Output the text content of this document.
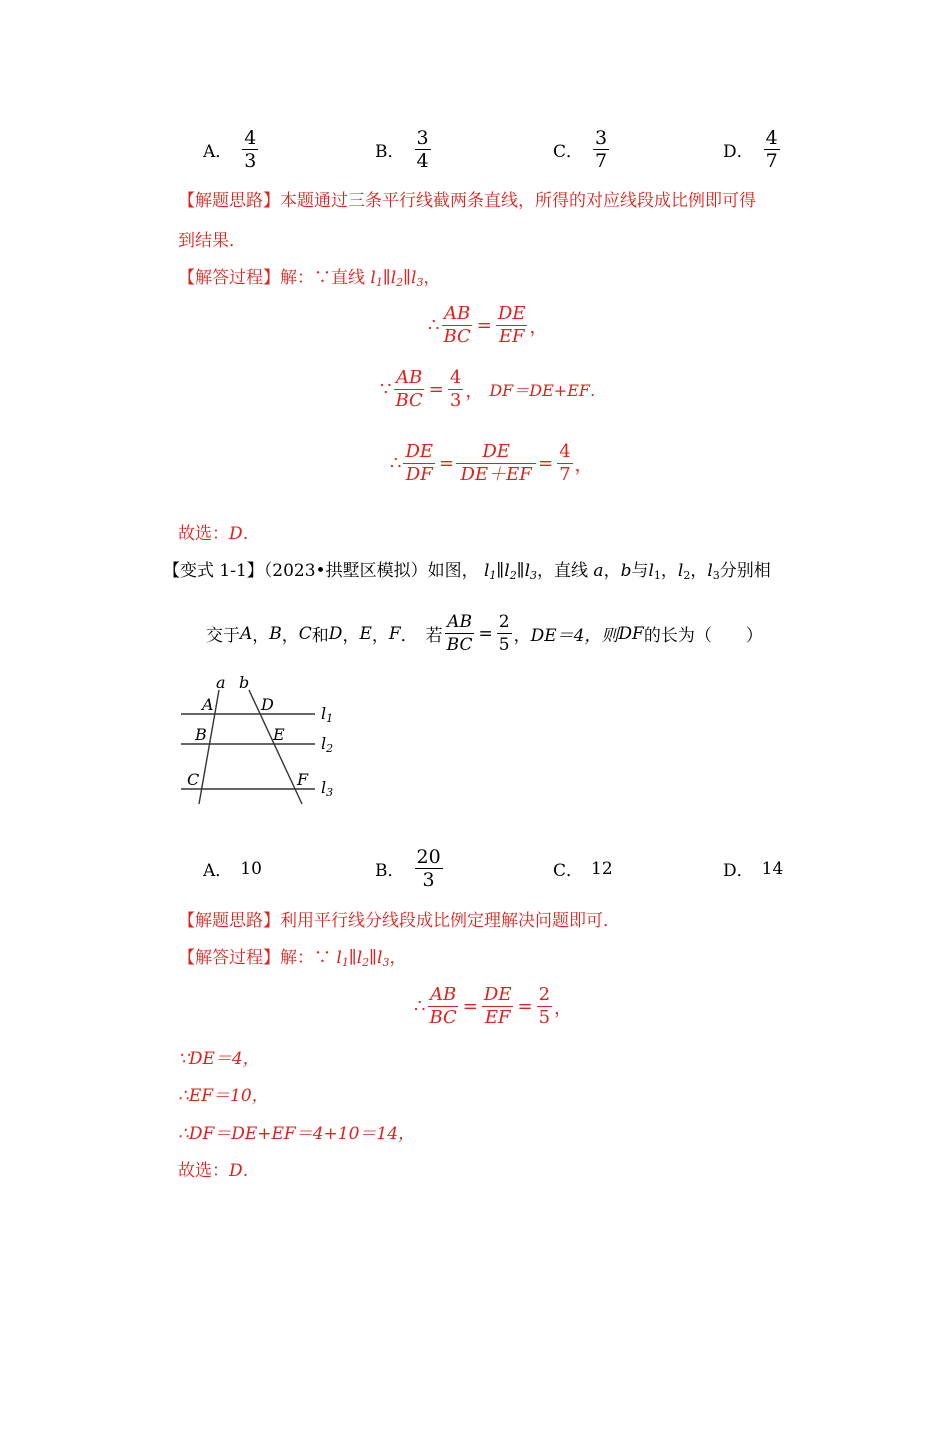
A． $\frac{4}{3}$	B． $\frac{3}{4}$	C． $\frac{3}{7}$	D． $\frac{4}{7}$
【解题思路】本题通过三条平行线截两条直线，所得的对应线段成比例即可得
到结果．
【解答过程】解：∵直线 $l_1\parallel l_2\parallel l_3$，
∴ $\frac{AB}{BC} = \frac{DE}{EF}$ ，
∵ $\frac{AB}{BC} = \frac{4}{3}$ ， DF＝DE+EF．
∴ $\frac{DE}{DF} = \frac{DE}{DE+EF} = \frac{4}{7}$ ，
故选：D．
【变式 1-1】（2023•拱墅区模拟）如图， $l_1\parallel l_2\parallel l_3$，直线 a，b与$l_1$，$l_2$，$l_3$分别相
交于 A ， B ， C 和 D ， E ， F ． 若 $\frac{AB}{BC} = \frac{2}{5}$ ， DE＝4，则 DF 的长为（　　）
a b
A	D
B	E
C	F
l1
l2
l3
A． 10	B． $\frac{20}{3}$	C． 12	D． 14
【解题思路】利用平行线分线段成比例定理解决问题即可．
【解答过程】解：∵ $l_1\parallel l_2\parallel l_3$，
∴ $\frac{AB}{BC} = \frac{DE}{EF} = \frac{2}{5}$ ，
∵DE＝4，
∴EF＝10，
∴DF＝DE+EF＝4+10＝14，
故选：D．
